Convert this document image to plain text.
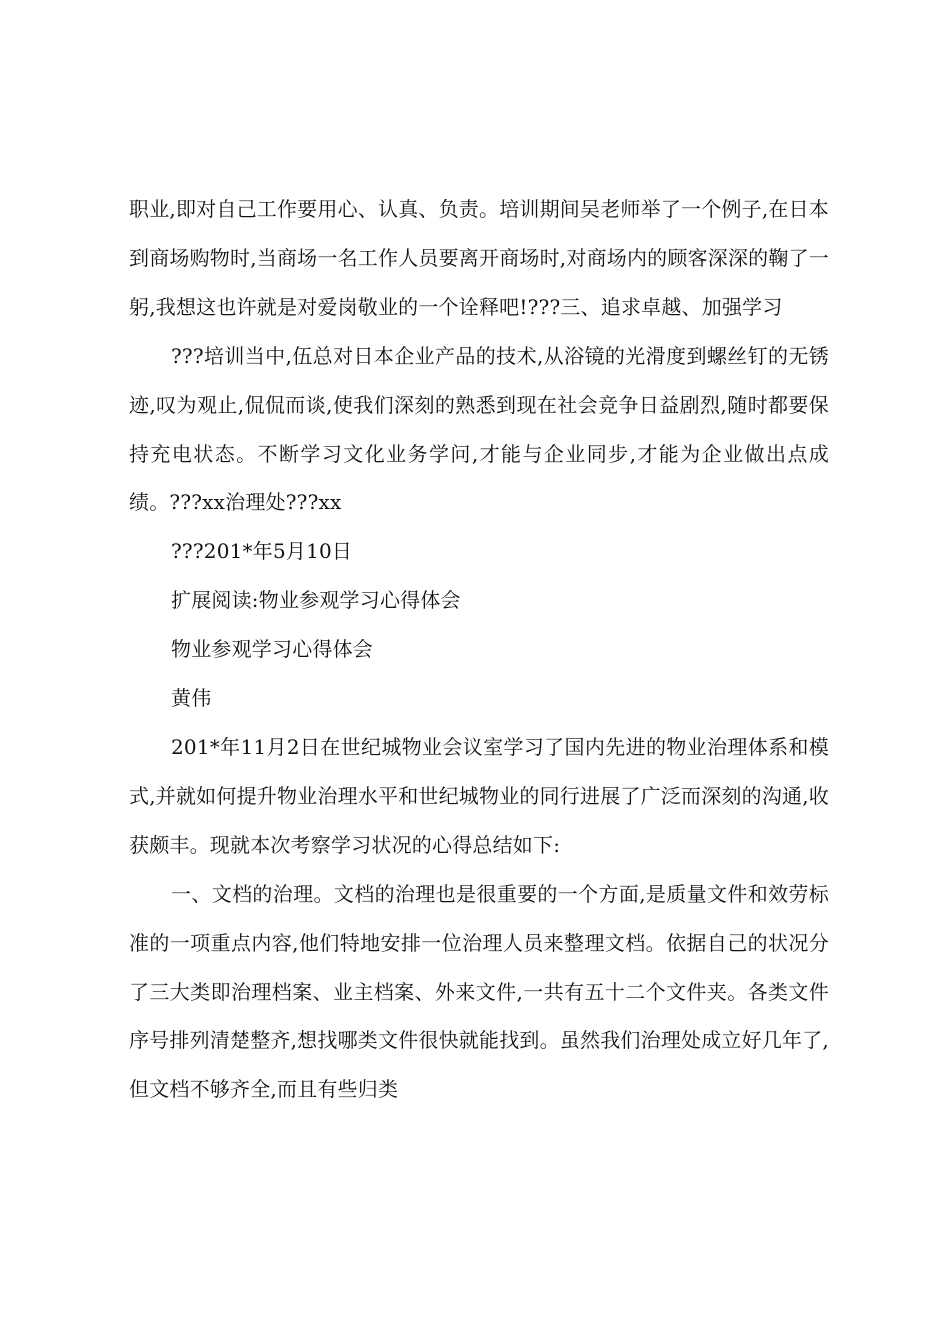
职业,即对自己工作要用心、认真、负责。培训期间吴老师举了一个例子,在日本到商场购物时,当商场一名工作人员要离开商场时,对商场内的顾客深深的鞠了一躬,我想这也许就是对爱岗敬业的一个诠释吧!???三、追求卓越、加强学习

???培训当中,伍总对日本企业产品的技术,从浴镜的光滑度到螺丝钉的无锈迹,叹为观止,侃侃而谈,使我们深刻的熟悉到现在社会竞争日益剧烈,随时都要保持充电状态。不断学习文化业务学问,才能与企业同步,才能为企业做出点成绩。???xx治理处???xx

???201*年5月10日

扩展阅读:物业参观学习心得体会

物业参观学习心得体会

黄伟

201*年11月2日在世纪城物业会议室学习了国内先进的物业治理体系和模式,并就如何提升物业治理水平和世纪城物业的同行进展了广泛而深刻的沟通,收获颇丰。现就本次考察学习状况的心得总结如下:

一、文档的治理。文档的治理也是很重要的一个方面,是质量文件和效劳标准的一项重点内容,他们特地安排一位治理人员来整理文档。依据自己的状况分了三大类即治理档案、业主档案、外来文件,一共有五十二个文件夹。各类文件序号排列清楚整齐,想找哪类文件很快就能找到。虽然我们治理处成立好几年了,但文档不够齐全,而且有些归类
